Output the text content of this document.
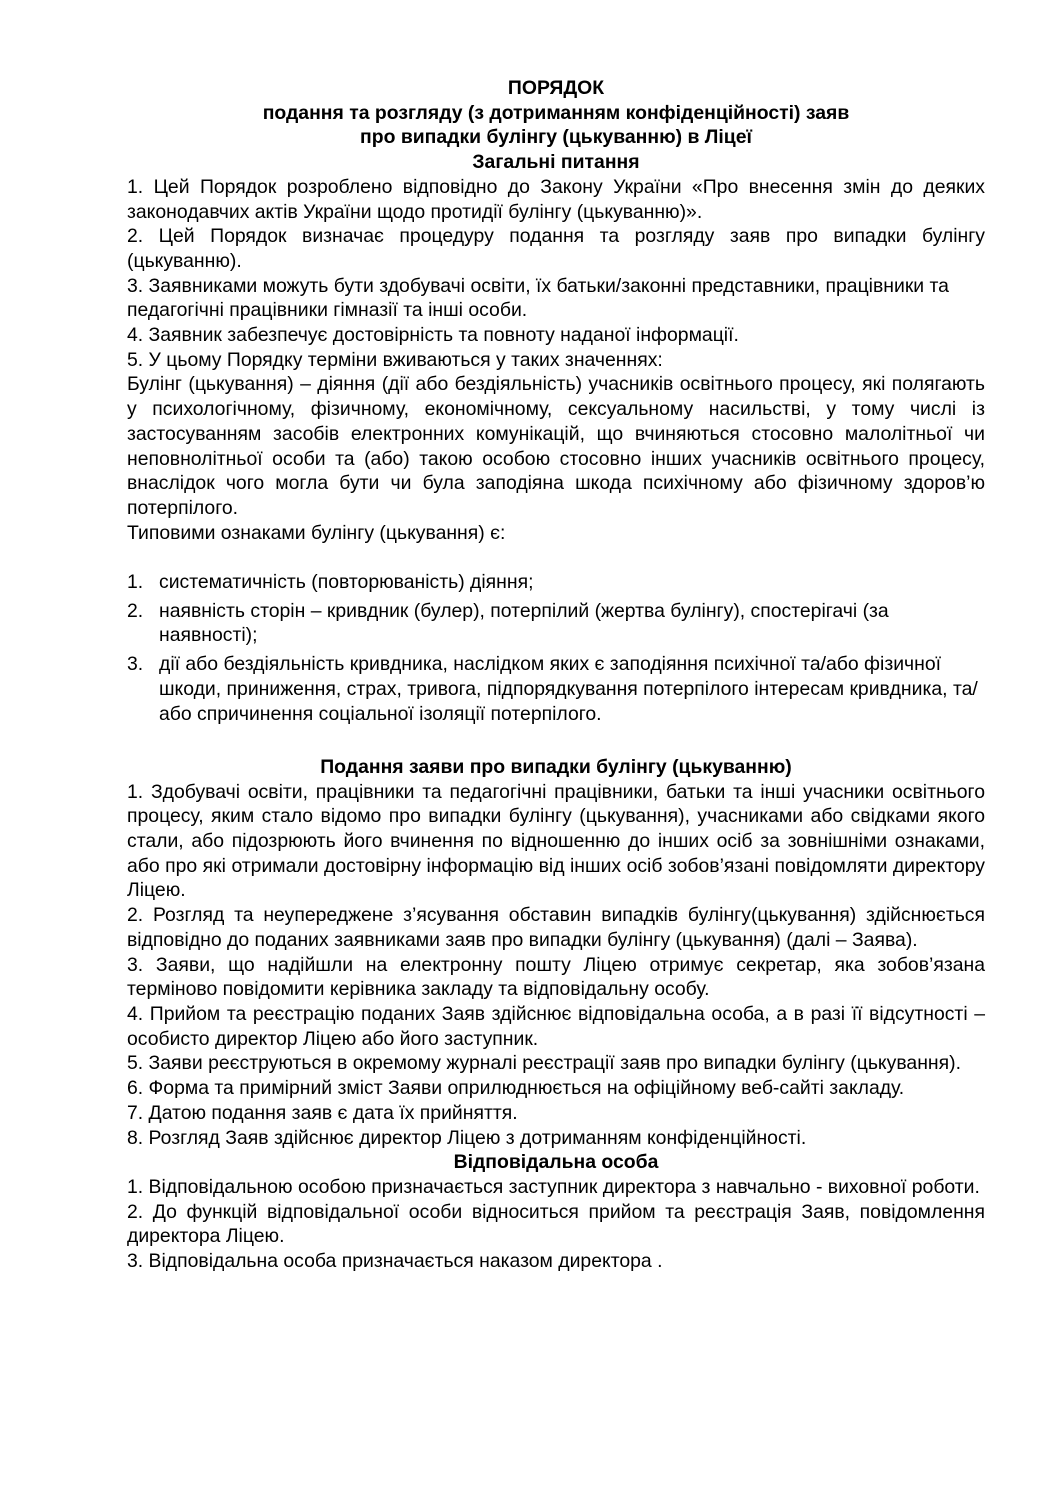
ПОРЯДОК

подання та розгляду (з дотриманням конфіденційності) заяв

про випадки булінгу (цькуванню) в Ліцеї

Загальні питання

1. Цей Порядок розроблено відповідно до Закону України «Про внесення змін до деяких законодавчих актів України щодо протидії булінгу (цькуванню)».

2. Цей Порядок визначає процедуру подання та розгляду заяв про випадки булінгу (цькуванню).

3. Заявниками можуть бути здобувачі освіти, їх батьки/законні представники, працівники та педагогічні працівники гімназії та інші особи.

4. Заявник забезпечує достовірність та повноту наданої інформації.

5. У цьому Порядку терміни вживаються у таких значеннях:

Булінг (цькування) – діяння (дії або бездіяльність) учасників освітнього процесу, які полягають у психологічному, фізичному, економічному, сексуальному насильстві, у тому числі із застосуванням засобів електронних комунікацій, що вчиняються стосовно малолітньої чи неповнолітньої особи та (або) такою особою стосовно інших учасників освітнього процесу, внаслідок чого могла бути чи була заподіяна шкода психічному або фізичному здоров’ю потерпілого.

Типовими ознаками булінгу (цькування) є:

1. систематичність (повторюваність) діяння;
2. наявність сторін – кривдник (булер), потерпілий (жертва булінгу), спостерігачі (за наявності);
3. дії або бездіяльність кривдника, наслідком яких є заподіяння психічної та/або фізичної шкоди, приниження, страх, тривога, підпорядкування потерпілого інтересам кривдника, та/або спричинення соціальної ізоляції потерпілого.

Подання заяви про випадки булінгу (цькуванню)

1. Здобувачі освіти, працівники та педагогічні працівники, батьки та інші учасники освітнього процесу, яким стало відомо про випадки булінгу (цькування), учасниками або свідками якого стали, або підозрюють його вчинення по відношенню до інших осіб за зовнішніми ознаками, або про які отримали достовірну інформацію від інших осіб зобов’язані повідомляти директору Ліцею.

2. Розгляд та неупереджене з’ясування обставин випадків булінгу(цькування) здійснюється відповідно до поданих заявниками заяв про випадки булінгу (цькування) (далі – Заява).

3. Заяви, що надійшли на електронну пошту Ліцею отримує секретар, яка зобов’язана терміново повідомити керівника закладу та відповідальну особу.

4. Прийом та реєстрацію поданих Заяв здійснює відповідальна особа, а в разі її відсутності – особисто директор Ліцею або його заступник.

5. Заяви реєструються в окремому журналі реєстрації заяв про випадки булінгу (цькування).

6. Форма та примірний зміст Заяви оприлюднюється на офіційному веб-сайті закладу.

7. Датою подання заяв є дата їх прийняття.

8. Розгляд Заяв здійснює директор Ліцею з дотриманням конфіденційності.

Відповідальна особа

1. Відповідальною особою призначається заступник директора з навчально - виховної роботи.

2. До функцій відповідальної особи відноситься прийом та реєстрація Заяв, повідомлення директора Ліцею.

3. Відповідальна особа призначається наказом директора .
